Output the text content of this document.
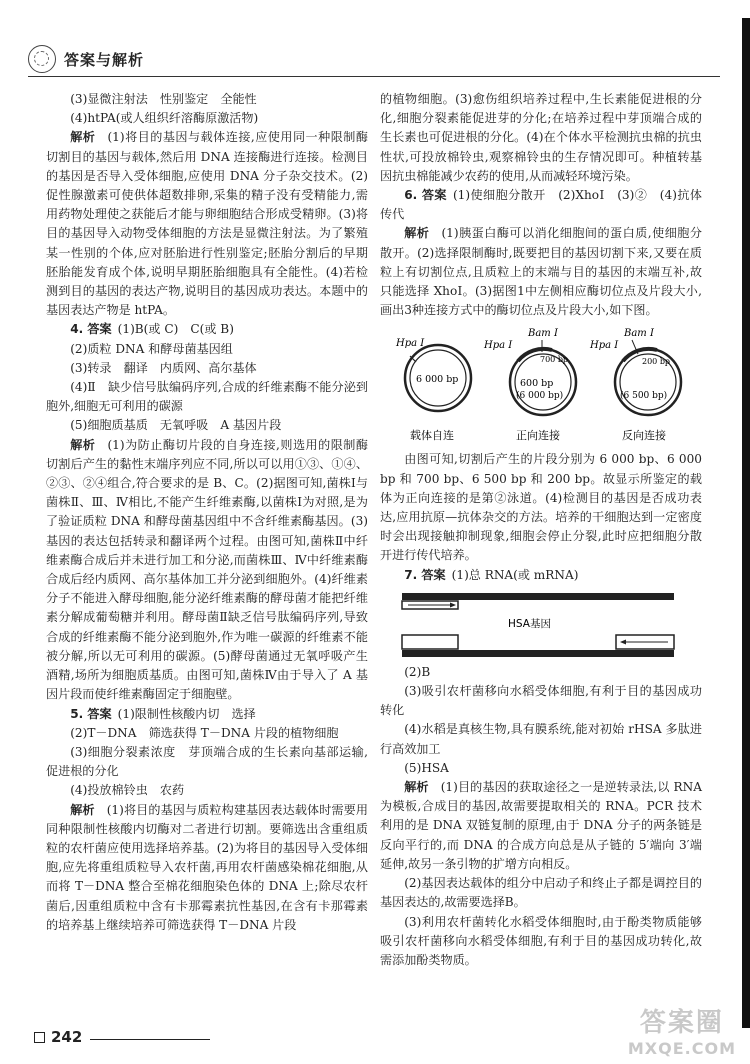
答案与解析

(3)显微注射法　性别鉴定　全能性

(4)htPA(或人组织纤溶酶原激活物)

解析  (1)将目的基因与载体连接,应使用同一种限制酶切割目的基因与载体,然后用 DNA 连接酶进行连接。检测目的基因是否导入受体细胞,应使用 DNA 分子杂交技术。(2)促性腺激素可使供体超数排卵,采集的精子没有受精能力,需用药物处理使之获能后才能与卵细胞结合形成受精卵。(3)将目的基因导入动物受体细胞的方法是显微注射法。为了繁殖某一性别的个体,应对胚胎进行性别鉴定;胚胎分割后的早期胚胎能发育成个体,说明早期胚胎细胞具有全能性。(4)若检测到目的基因的表达产物,说明目的基因成功表达。本题中的基因表达产物是 htPA。

4. 答案  (1)B(或 C)　C(或 B)

(2)质粒 DNA 和酵母菌基因组

(3)转录　翻译　内质网、高尔基体

(4)Ⅱ　缺少信号肽编码序列,合成的纤维素酶不能分泌到胞外,细胞无可利用的碳源

(5)细胞质基质　无氧呼吸　A 基因片段

解析  (1)为防止酶切片段的自身连接,则选用的限制酶切割后产生的黏性末端序列应不同,所以可以用①③、①④、②③、②④组合,符合要求的是 B、C。(2)据图可知,菌株Ⅰ与菌株Ⅱ、Ⅲ、Ⅳ相比,不能产生纤维素酶,以菌株Ⅰ为对照,是为了验证质粒 DNA 和酵母菌基因组中不含纤维素酶基因。(3)基因的表达包括转录和翻译两个过程。由图可知,菌株Ⅱ中纤维素酶合成后并未进行加工和分泌,而菌株Ⅲ、Ⅳ中纤维素酶合成后经内质网、高尔基体加工并分泌到细胞外。(4)纤维素分子不能进入酵母细胞,能分泌纤维素酶的酵母菌才能把纤维素分解成葡萄糖并利用。酵母菌Ⅱ缺乏信号肽编码序列,导致合成的纤维素酶不能分泌到胞外,作为唯一碳源的纤维素不能被分解,所以无可利用的碳源。(5)酵母菌通过无氧呼吸产生酒精,场所为细胞质基质。由图可知,菌株Ⅳ由于导入了 A 基因片段而使纤维素酶固定于细胞壁。

5. 答案  (1)限制性核酸内切　选择

(2)T－DNA　筛选获得 T－DNA 片段的植物细胞

(3)细胞分裂素浓度　芽顶端合成的生长素向基部运输,促进根的分化

(4)投放棉铃虫　农药

解析  (1)将目的基因与质粒构建基因表达载体时需要用同种限制性核酸内切酶对二者进行切割。要筛选出含重组质粒的农杆菌应使用选择培养基。(2)为将目的基因导入受体细胞,应先将重组质粒导入农杆菌,再用农杆菌感染棉花细胞,从而将 T－DNA 整合至棉花细胞染色体的 DNA 上;除尽农杆菌后,因重组质粒中含有卡那霉素抗性基因,在含有卡那霉素的培养基上继续培养可筛选获得 T－DNA 片段

的植物细胞。(3)愈伤组织培养过程中,生长素能促进根的分化,细胞分裂素能促进芽的分化;在培养过程中芽顶端合成的生长素也可促进根的分化。(4)在个体水平检测抗虫棉的抗虫性状,可投放棉铃虫,观察棉铃虫的生存情况即可。种植转基因抗虫棉能减少农药的使用,从而减轻环境污染。

6. 答案  (1)使细胞分散开　(2)XhoⅠ　(3)②　(4)抗体　传代

解析  (1)胰蛋白酶可以消化细胞间的蛋白质,使细胞分散开。(2)选择限制酶时,既要把目的基因切割下来,又要在质粒上有切割位点,且质粒上的末端与目的基因的末端互补,故只能选择 XhoⅠ。(3)据图1中左侧相应酶切位点及片段大小,画出3种连接方式中的酶切位点及片段大小,如下图。

Hpa Ⅰ
6 000 bp
载体自连
Bam Ⅰ
Hpa Ⅰ
700 bp
600 bp
(6 000 bp)
正向连接
Bam Ⅰ
Hpa Ⅰ
200 bp
(6 500 bp)
反向连接

由图可知,切割后产生的片段分别为 6 000 bp、6 000 bp 和 700 bp、6 500 bp 和 200 bp。故显示所鉴定的载体为正向连接的是第②泳道。(4)检测目的基因是否成功表达,应用抗原—抗体杂交的方法。培养的干细胞达到一定密度时会出现接触抑制现象,细胞会停止分裂,此时应把细胞分散开进行传代培养。

7. 答案  (1)总 RNA(或 mRNA)

HSA基因

(2)B

(3)吸引农杆菌移向水稻受体细胞,有利于目的基因成功转化

(4)水稻是真核生物,具有膜系统,能对初始 rHSA 多肽进行高效加工

(5)HSA

解析  (1)目的基因的获取途径之一是逆转录法,以 RNA 为模板,合成目的基因,故需要提取相关的 RNA。PCR 技术利用的是 DNA 双链复制的原理,由于 DNA 分子的两条链是反向平行的,而 DNA 的合成方向总是从子链的 5′端向 3′端延伸,故另一条引物的扩增方向相反。

(2)基因表达载体的组分中启动子和终止子都是调控目的基因表达的,故需要选择B。

(3)利用农杆菌转化水稻受体细胞时,由于酚类物质能够吸引农杆菌移向水稻受体细胞,有利于目的基因成功转化,故需添加酚类物质。

242	答案圈
MXQE.COM
